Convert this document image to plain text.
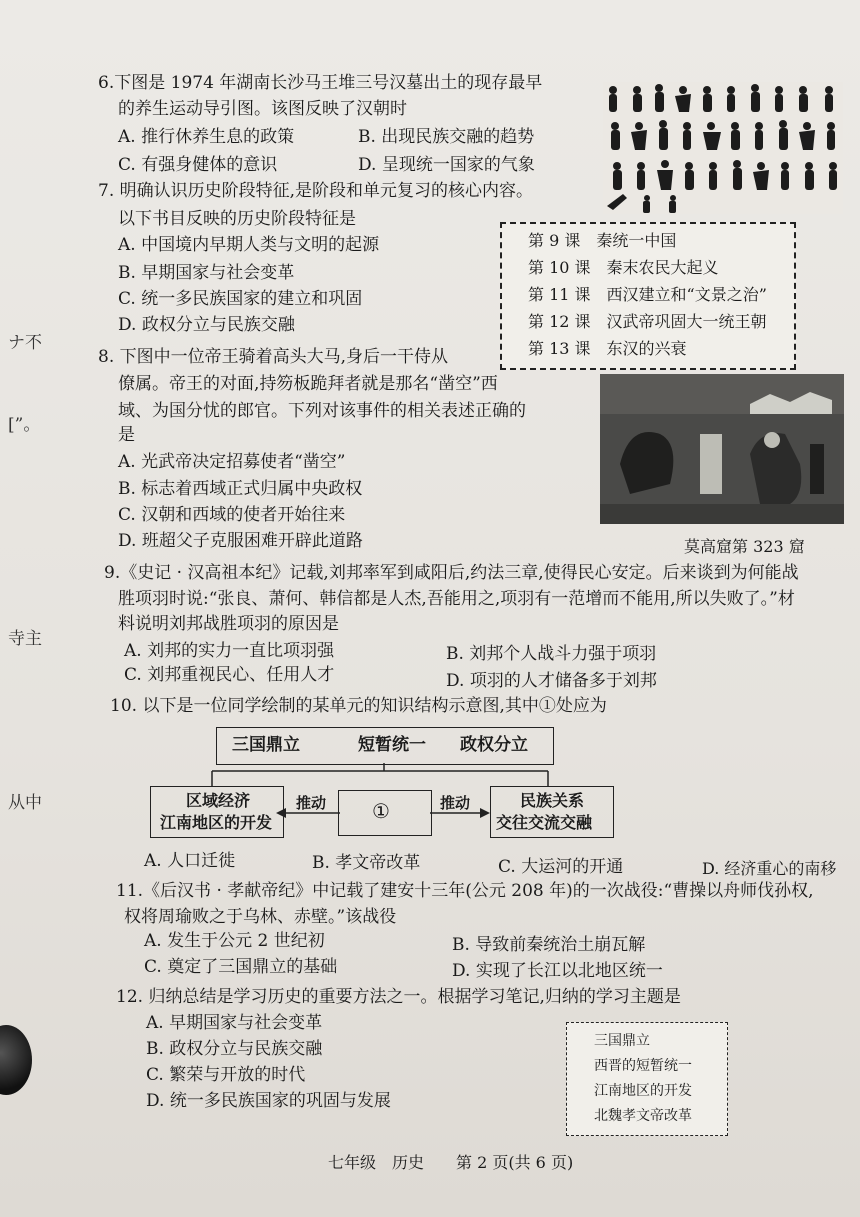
ナ不
[”。
寺主
从中
6.下图是 1974 年湖南长沙马王堆三号汉墓出土的现存最早
的养生运动导引图。该图反映了汉朝时
A. 推行休养生息的政策	B. 出现民族交融的趋势
C. 有强身健体的意识	D. 呈现统一国家的气象
7. 明确认识历史阶段特征,是阶段和单元复习的核心内容。
以下书目反映的历史阶段特征是
A. 中国境内早期人类与文明的起源
B. 早期国家与社会变革
C. 统一多民族国家的建立和巩固
D. 政权分立与民族交融
第 9 课　秦统一中国
第 10 课　秦末农民大起义
第 11 课　西汉建立和“文景之治”
第 12 课　汉武帝巩固大一统王朝
第 13 课　东汉的兴衰
8. 下图中一位帝王骑着高头大马,身后一干侍从
僚属。帝王的对面,持笏板跪拜者就是那名“凿空”西
域、为国分忧的郎官。下列对该事件的相关表述正确的
是
A. 光武帝决定招募使者“凿空”
B. 标志着西域正式归属中央政权
C. 汉朝和西域的使者开始往来
D. 班超父子克服困难开辟此道路	莫高窟第 323 窟
9.《史记 · 汉高祖本纪》记载,刘邦率军到咸阳后,约法三章,使得民心安定。后来谈到为何能战
胜项羽时说:“张良、萧何、韩信都是人杰,吾能用之,项羽有一范增而不能用,所以失败了。”材
料说明刘邦战胜项羽的原因是
A. 刘邦的实力一直比项羽强	B. 刘邦个人战斗力强于项羽
C. 刘邦重视民心、任用人才	D. 项羽的人才储备多于刘邦
10. 以下是一位同学绘制的某单元的知识结构示意图,其中①处应为
三国鼎立	短暂统一 政权分立
区域经济
江南地区的开发	①	民族关系
交往交流交融
推动	推动
A. 人口迁徙	B. 孝文帝改革	C. 大运河的开通	D. 经济重心的南移
11.《后汉书 · 孝献帝纪》中记载了建安十三年(公元 208 年)的一次战役:“曹操以舟师伐孙权,
权将周瑜败之于乌林、赤壁。”该战役
A. 发生于公元 2 世纪初	B. 导致前秦统治土崩瓦解
C. 奠定了三国鼎立的基础	D. 实现了长江以北地区统一
12. 归纳总结是学习历史的重要方法之一。根据学习笔记,归纳的学习主题是
A. 早期国家与社会变革
B. 政权分立与民族交融
C. 繁荣与开放的时代
D. 统一多民族国家的巩固与发展
三国鼎立
西晋的短暂统一
江南地区的开发
北魏孝文帝改革
七年级　历史　　第 2 页(共 6 页)
